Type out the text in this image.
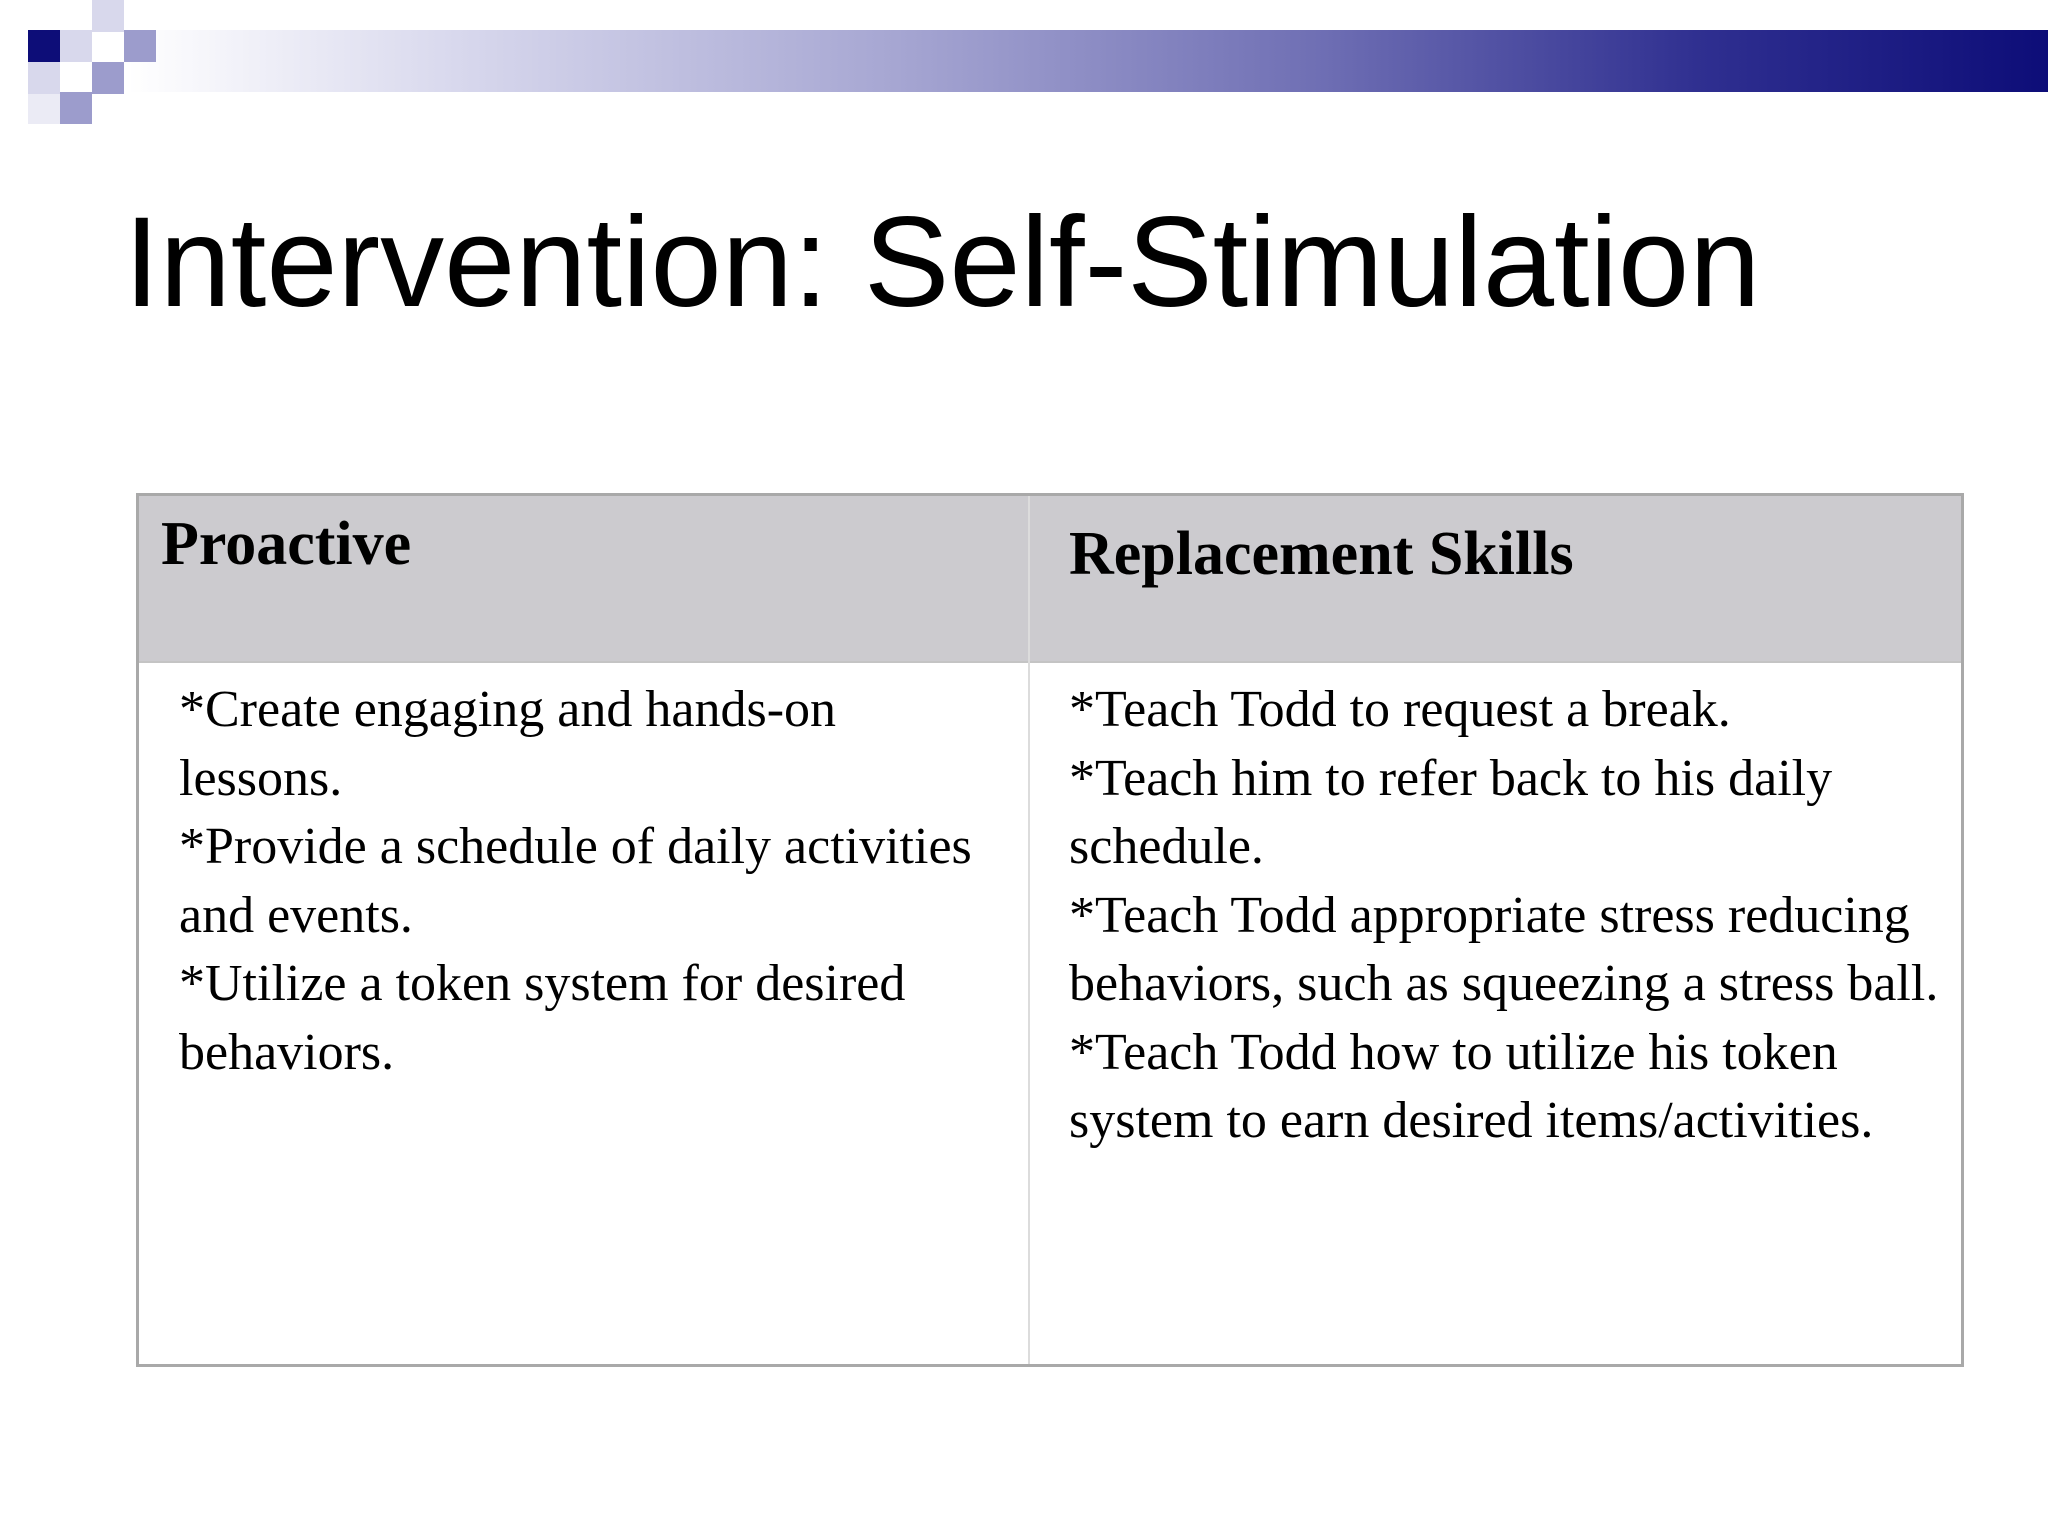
Intervention: Self-Stimulation
Proactive	Replacement Skills

*Create engaging and hands-on lessons.

*Provide a schedule of daily activities and events.

*Utilize a token system for desired behaviors.

*Teach Todd to request a break.

*Teach him to refer back to his daily schedule.

*Teach Todd appropriate stress reducing behaviors, such as squeezing a stress ball.

*Teach Todd how to utilize his token system to earn desired items/activities.
